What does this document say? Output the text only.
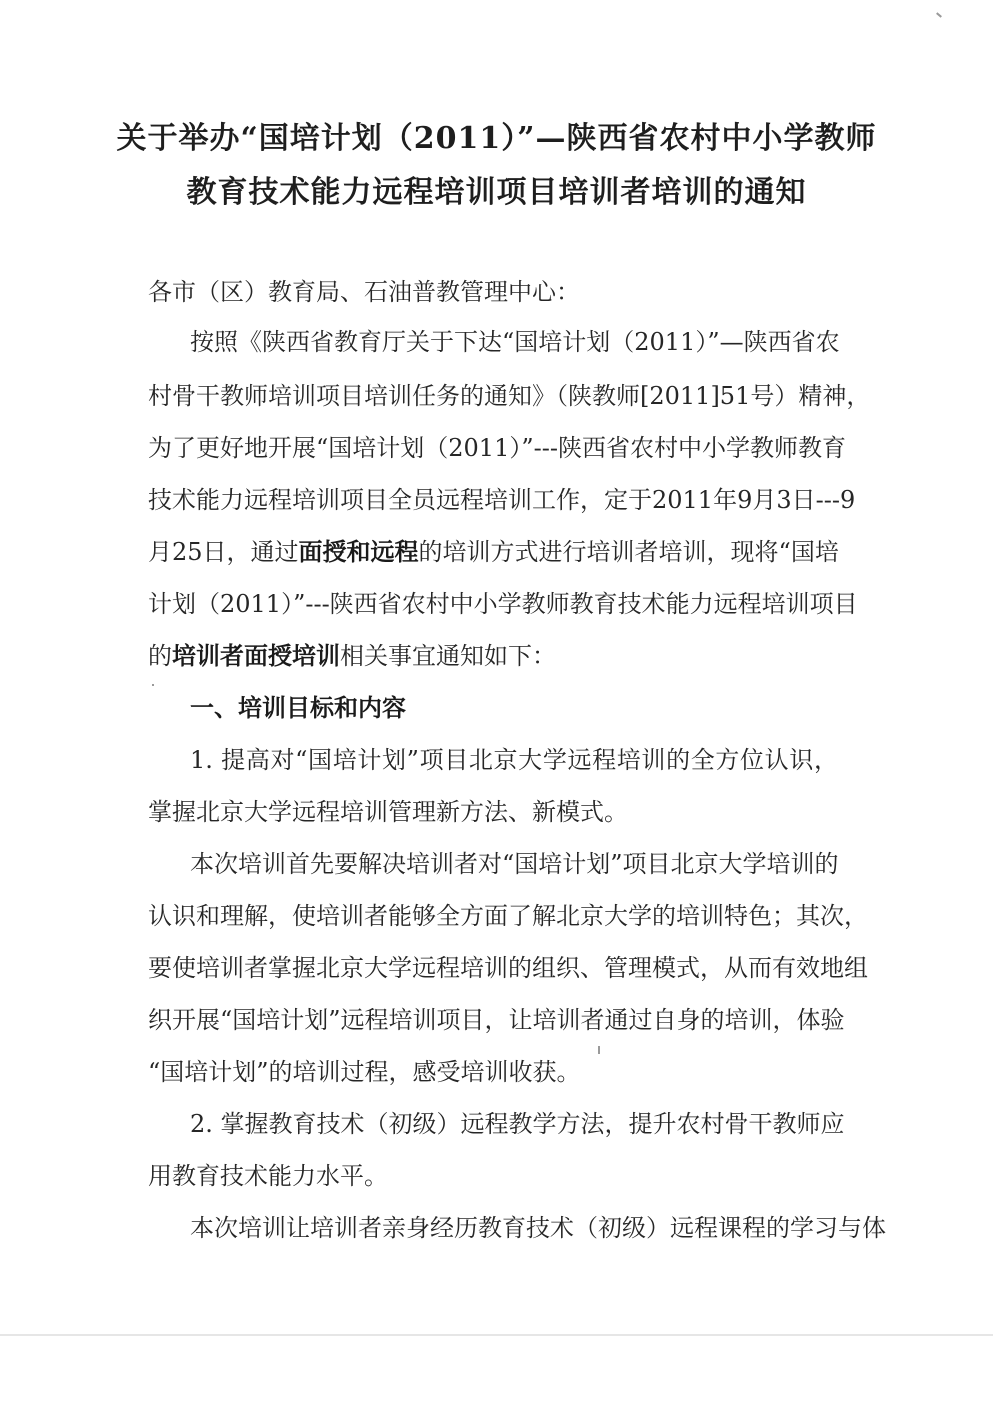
关于举办“国培计划（2011）”—陕西省农村中小学教师
教育技术能力远程培训项目培训者培训的通知
各市（区）教育局、石油普教管理中心：
按照《陕西省教育厅关于下达“国培计划（2011）”—陕西省农
村骨干教师培训项目培训任务的通知》（陕教师[2011]51号）精神，
为了更好地开展“国培计划（2011）”---陕西省农村中小学教师教育
技术能力远程培训项目全员远程培训工作，定于2011年9月3日---9
月25日，通过面授和远程的培训方式进行培训者培训，现将“国培
计划（2011）”---陕西省农村中小学教师教育技术能力远程培训项目
的培训者面授培训相关事宜通知如下：
一、培训目标和内容
1. 提高对“国培计划”项目北京大学远程培训的全方位认识，
掌握北京大学远程培训管理新方法、新模式。
本次培训首先要解决培训者对“国培计划”项目北京大学培训的
认识和理解，使培训者能够全方面了解北京大学的培训特色；其次，
要使培训者掌握北京大学远程培训的组织、管理模式，从而有效地组
织开展“国培计划”远程培训项目，让培训者通过自身的培训，体验
“国培计划”的培训过程，感受培训收获。
2. 掌握教育技术（初级）远程教学方法，提升农村骨干教师应
用教育技术能力水平。
本次培训让培训者亲身经历教育技术（初级）远程课程的学习与体
